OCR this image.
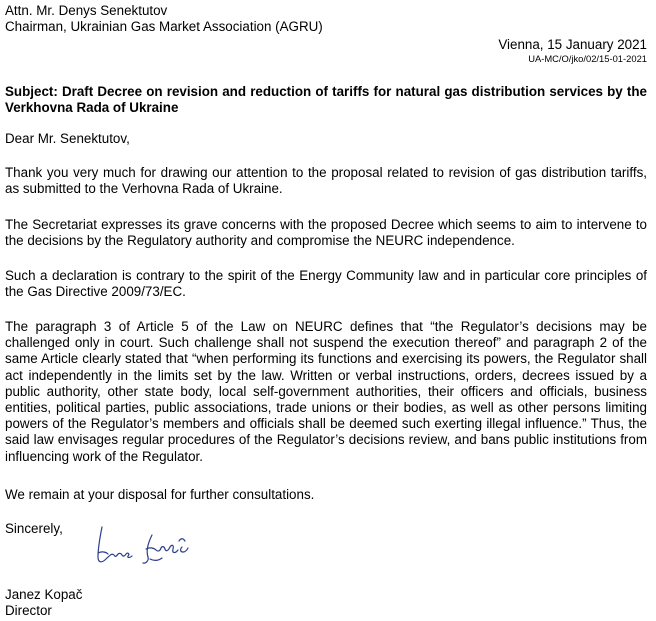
Attn. Mr. Denys Senektutov
Chairman, Ukrainian Gas Market Association (AGRU)
Vienna, 15 January 2021
UA-MC/O/jko/02/15-01-2021
Subject: Draft Decree on revision and reduction of tariffs for natural gas distribution services by the Verkhovna Rada of Ukraine

Dear Mr. Senektutov,

Thank you very much for drawing our attention to the proposal related to revision of gas distribution tariffs, as submitted to the Verhovna Rada of Ukraine.

The Secretariat expresses its grave concerns with the proposed Decree which seems to aim to intervene to the decisions by the Regulatory authority and compromise the NEURC independence.

Such a declaration is contrary to the spirit of the Energy Community law and in particular core principles of the Gas Directive 2009/73/EC.

The paragraph 3 of Article 5 of the Law on NEURC defines that “the Regulator’s decisions may be challenged only in court. Such challenge shall not suspend the execution thereof” and paragraph 2 of the same Article clearly stated that “when performing its functions and exercising its powers, the Regulator shall act independently in the limits set by the law. Written or verbal instructions, orders, decrees issued by a public authority, other state body, local self-government authorities, their officers and officials, business entities, political parties, public associations, trade unions or their bodies, as well as other persons limiting powers of the Regulator’s members and officials shall be deemed such exerting illegal influence.” Thus, the said law envisages regular procedures of the Regulator’s decisions review, and bans public institutions from influencing work of the Regulator.

We remain at your disposal for further consultations.

Sincerely,

Janez Kopač

Director
